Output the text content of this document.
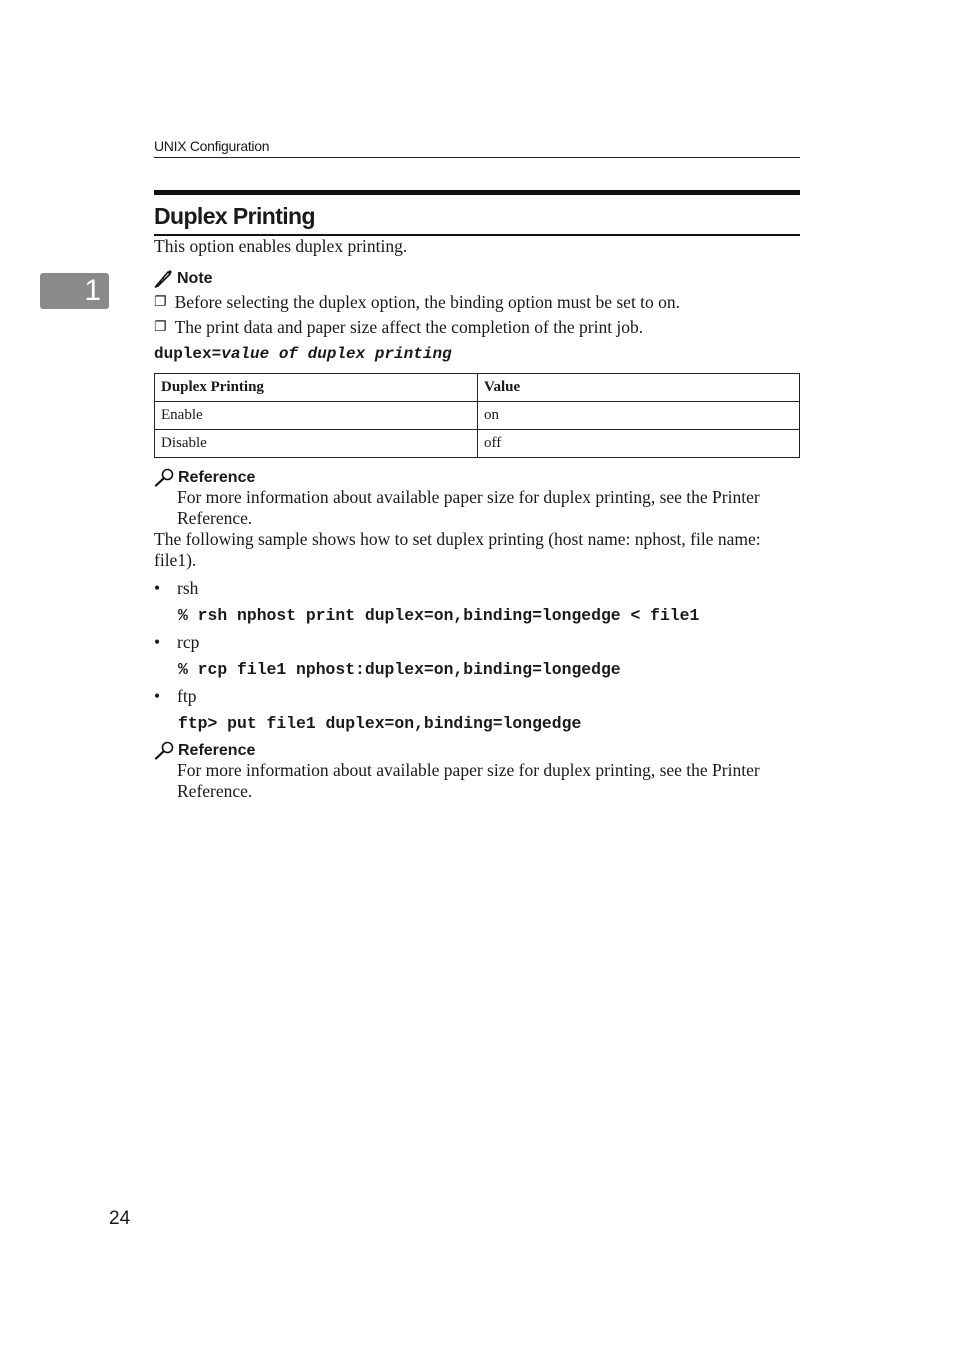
UNIX Configuration
1
Duplex Printing

This option enables duplex printing.

Note
❐ Before selecting the duplex option, the binding option must be set to on.
❐ The print data and paper size affect the completion of the print job.
duplex=value of duplex printing
Duplex Printing	Value
Enable	on
Disable	off
Reference

For more information about available paper size for duplex printing, see the Printer Reference.

The following sample shows how to set duplex printing (host name: nphost, file name: file1).

• rsh
% rsh nphost print duplex=on,binding=longedge < file1
• rcp
% rcp file1 nphost:duplex=on,binding=longedge
• ftp
ftp> put file1 duplex=on,binding=longedge
Reference

For more information about available paper size for duplex printing, see the Printer Reference.

24
